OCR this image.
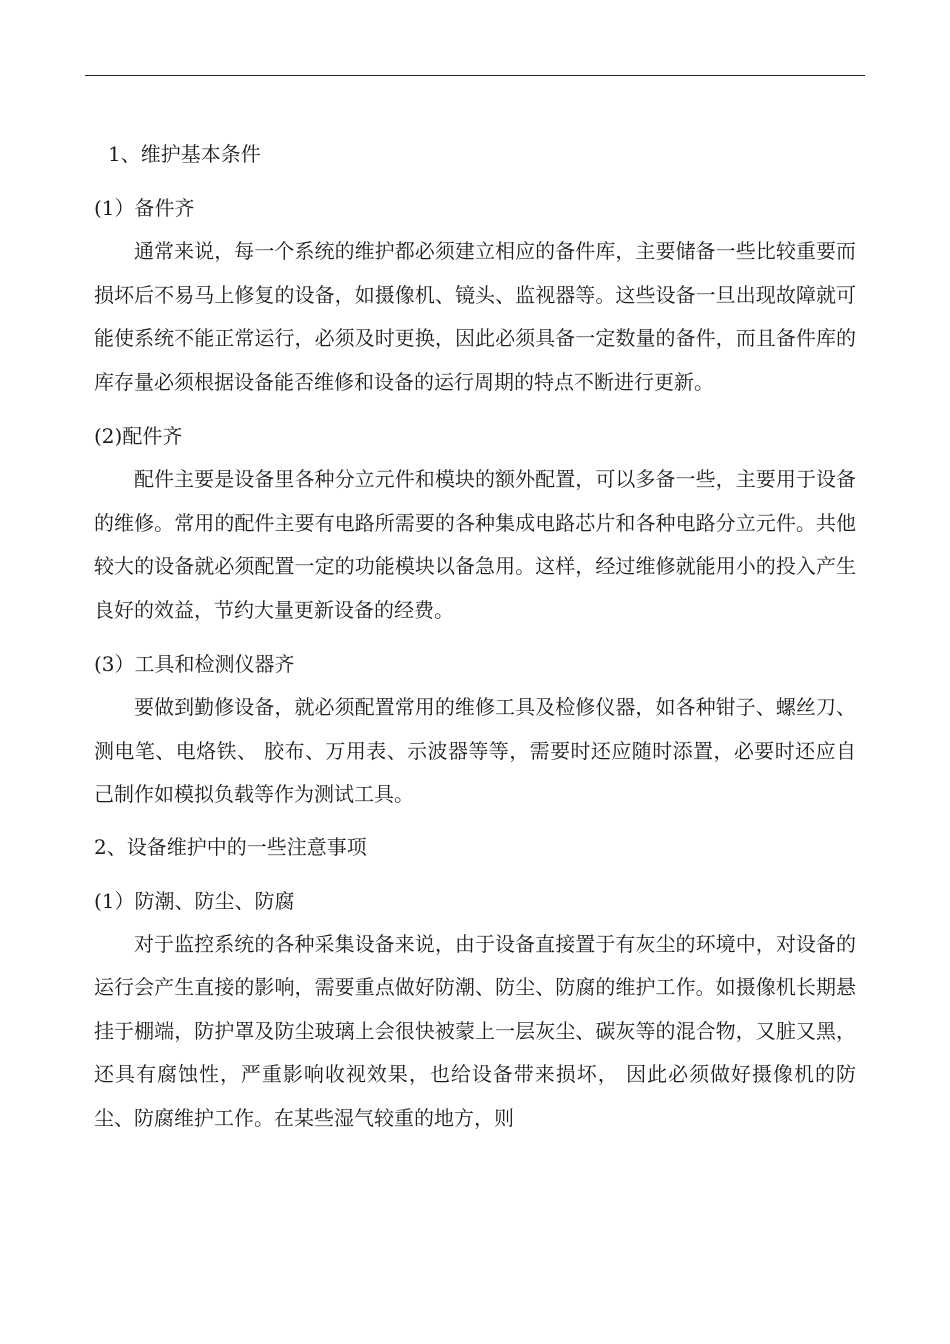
1、维护基本条件

(1）备件齐

通常来说，每一个系统的维护都必须建立相应的备件库，主要储备一些比较重要而损坏后不易马上修复的设备，如摄像机、镜头、监视器等。这些设备一旦出现故障就可能使系统不能正常运行，必须及时更换，因此必须具备一定数量的备件，而且备件库的库存量必须根据设备能否维修和设备的运行周期的特点不断进行更新。

(2)配件齐

配件主要是设备里各种分立元件和模块的额外配置，可以多备一些，主要用于设备的维修。常用的配件主要有电路所需要的各种集成电路芯片和各种电路分立元件。共他较大的设备就必须配置一定的功能模块以备急用。这样，经过维修就能用小的投入产生良好的效益，节约大量更新设备的经费。

(3）工具和检测仪器齐

要做到勤修设备，就必须配置常用的维修工具及检修仪器，如各种钳子、螺丝刀、测电笔、电烙铁、 胶布、万用表、示波器等等，需要时还应随时添置，必要时还应自己制作如模拟负载等作为测试工具。

2、设备维护中的一些注意事项

(1）防潮、防尘、防腐

对于监控系统的各种采集设备来说，由于设备直接置于有灰尘的环境中，对设备的运行会产生直接的影响，需要重点做好防潮、防尘、防腐的维护工作。如摄像机长期悬挂于棚端，防护罩及防尘玻璃上会很快被蒙上一层灰尘、碳灰等的混合物，又脏又黑，还具有腐蚀性，严重影响收视效果，也给设备带来损坏， 因此必须做好摄像机的防尘、防腐维护工作。在某些湿气较重的地方，则
